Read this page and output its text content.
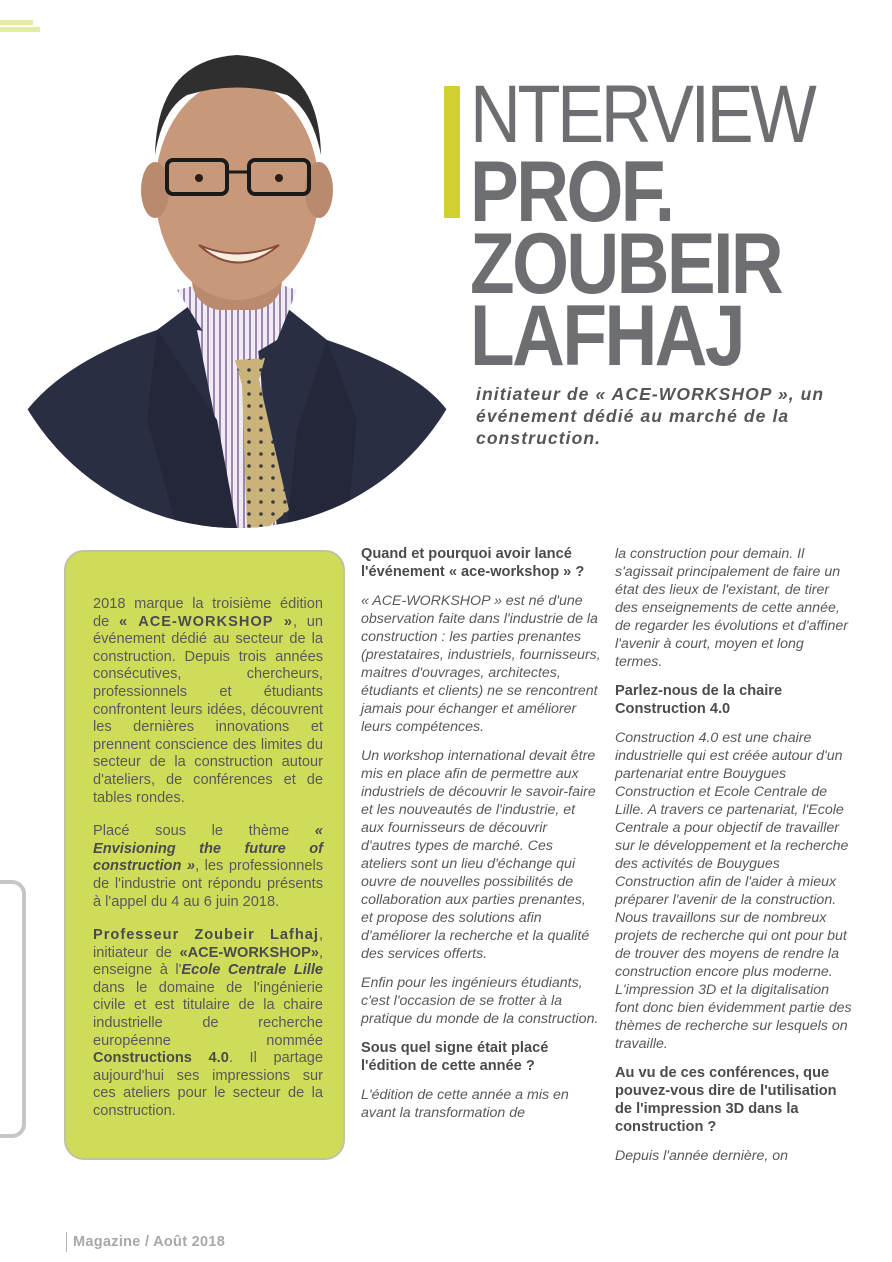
NTERVIEW
PROF.
ZOUBEIR
LAFHAJ
initiateur de « ACE-WORKSHOP », un événement dédié au marché de la construction.

2018 marque la troisième édition de « ACE-WORKSHOP », un événement dédié au secteur de la construction. Depuis trois années consécutives, chercheurs, professionnels et étudiants confrontent leurs idées, découvrent les dernières innovations et prennent conscience des limites du secteur de la construction autour d'ateliers, de conférences et de tables rondes.

Placé sous le thème « Envisioning the future of construction », les professionnels de l'industrie ont répondu présents à l'appel du 4 au 6 juin 2018.

Professeur Zoubeir Lafhaj, initiateur de «ACE-WORKSHOP», enseigne à l'Ecole Centrale Lille dans le domaine de l'ingénierie civile et est titulaire de la chaire industrielle de recherche européenne nommée Constructions 4.0. Il partage aujourd'hui ses impressions sur ces ateliers pour le secteur de la construction.

Quand et pourquoi avoir lancé l'événement « ace-workshop » ?

« ACE-WORKSHOP » est né d'une observation faite dans l'industrie de la construction : les parties prenantes (prestataires, industriels, fournisseurs, maitres d'ouvrages, architectes, étudiants et clients) ne se rencontrent jamais pour échanger et améliorer leurs compétences.

Un workshop international devait être mis en place afin de permettre aux industriels de découvrir le savoir-faire et les nouveautés de l'industrie, et aux fournisseurs de découvrir d'autres types de marché. Ces ateliers sont un lieu d'échange qui ouvre de nouvelles possibilités de collaboration aux parties prenantes, et propose des solutions afin d'améliorer la recherche et la qualité des services offerts.

Enfin pour les ingénieurs étudiants, c'est l'occasion de se frotter à la pratique du monde de la construction.

Sous quel signe était placé l'édition de cette année ?

L'édition de cette année a mis en avant la transformation de

la construction pour demain. Il s'agissait principalement de faire un état des lieux de l'existant, de tirer des enseignements de cette année, de regarder les évolutions et d'affiner l'avenir à court, moyen et long termes.

Parlez-nous de la chaire Construction 4.0

Construction 4.0 est une chaire industrielle qui est créée autour d'un partenariat entre Bouygues Construction et Ecole Centrale de Lille. A travers ce partenariat, l'Ecole Centrale a pour objectif de travailler sur le développement et la recherche des activités de Bouygues Construction afin de l'aider à mieux préparer l'avenir de la construction. Nous travaillons sur de nombreux projets de recherche qui ont pour but de trouver des moyens de rendre la construction encore plus moderne. L'impression 3D et la digitalisation font donc bien évidemment partie des thèmes de recherche sur lesquels on travaille.

Au vu de ces conférences, que pouvez-vous dire de l'utilisation de l'impression 3D dans la construction ?

Depuis l'année dernière, on

Magazine / Août 2018
